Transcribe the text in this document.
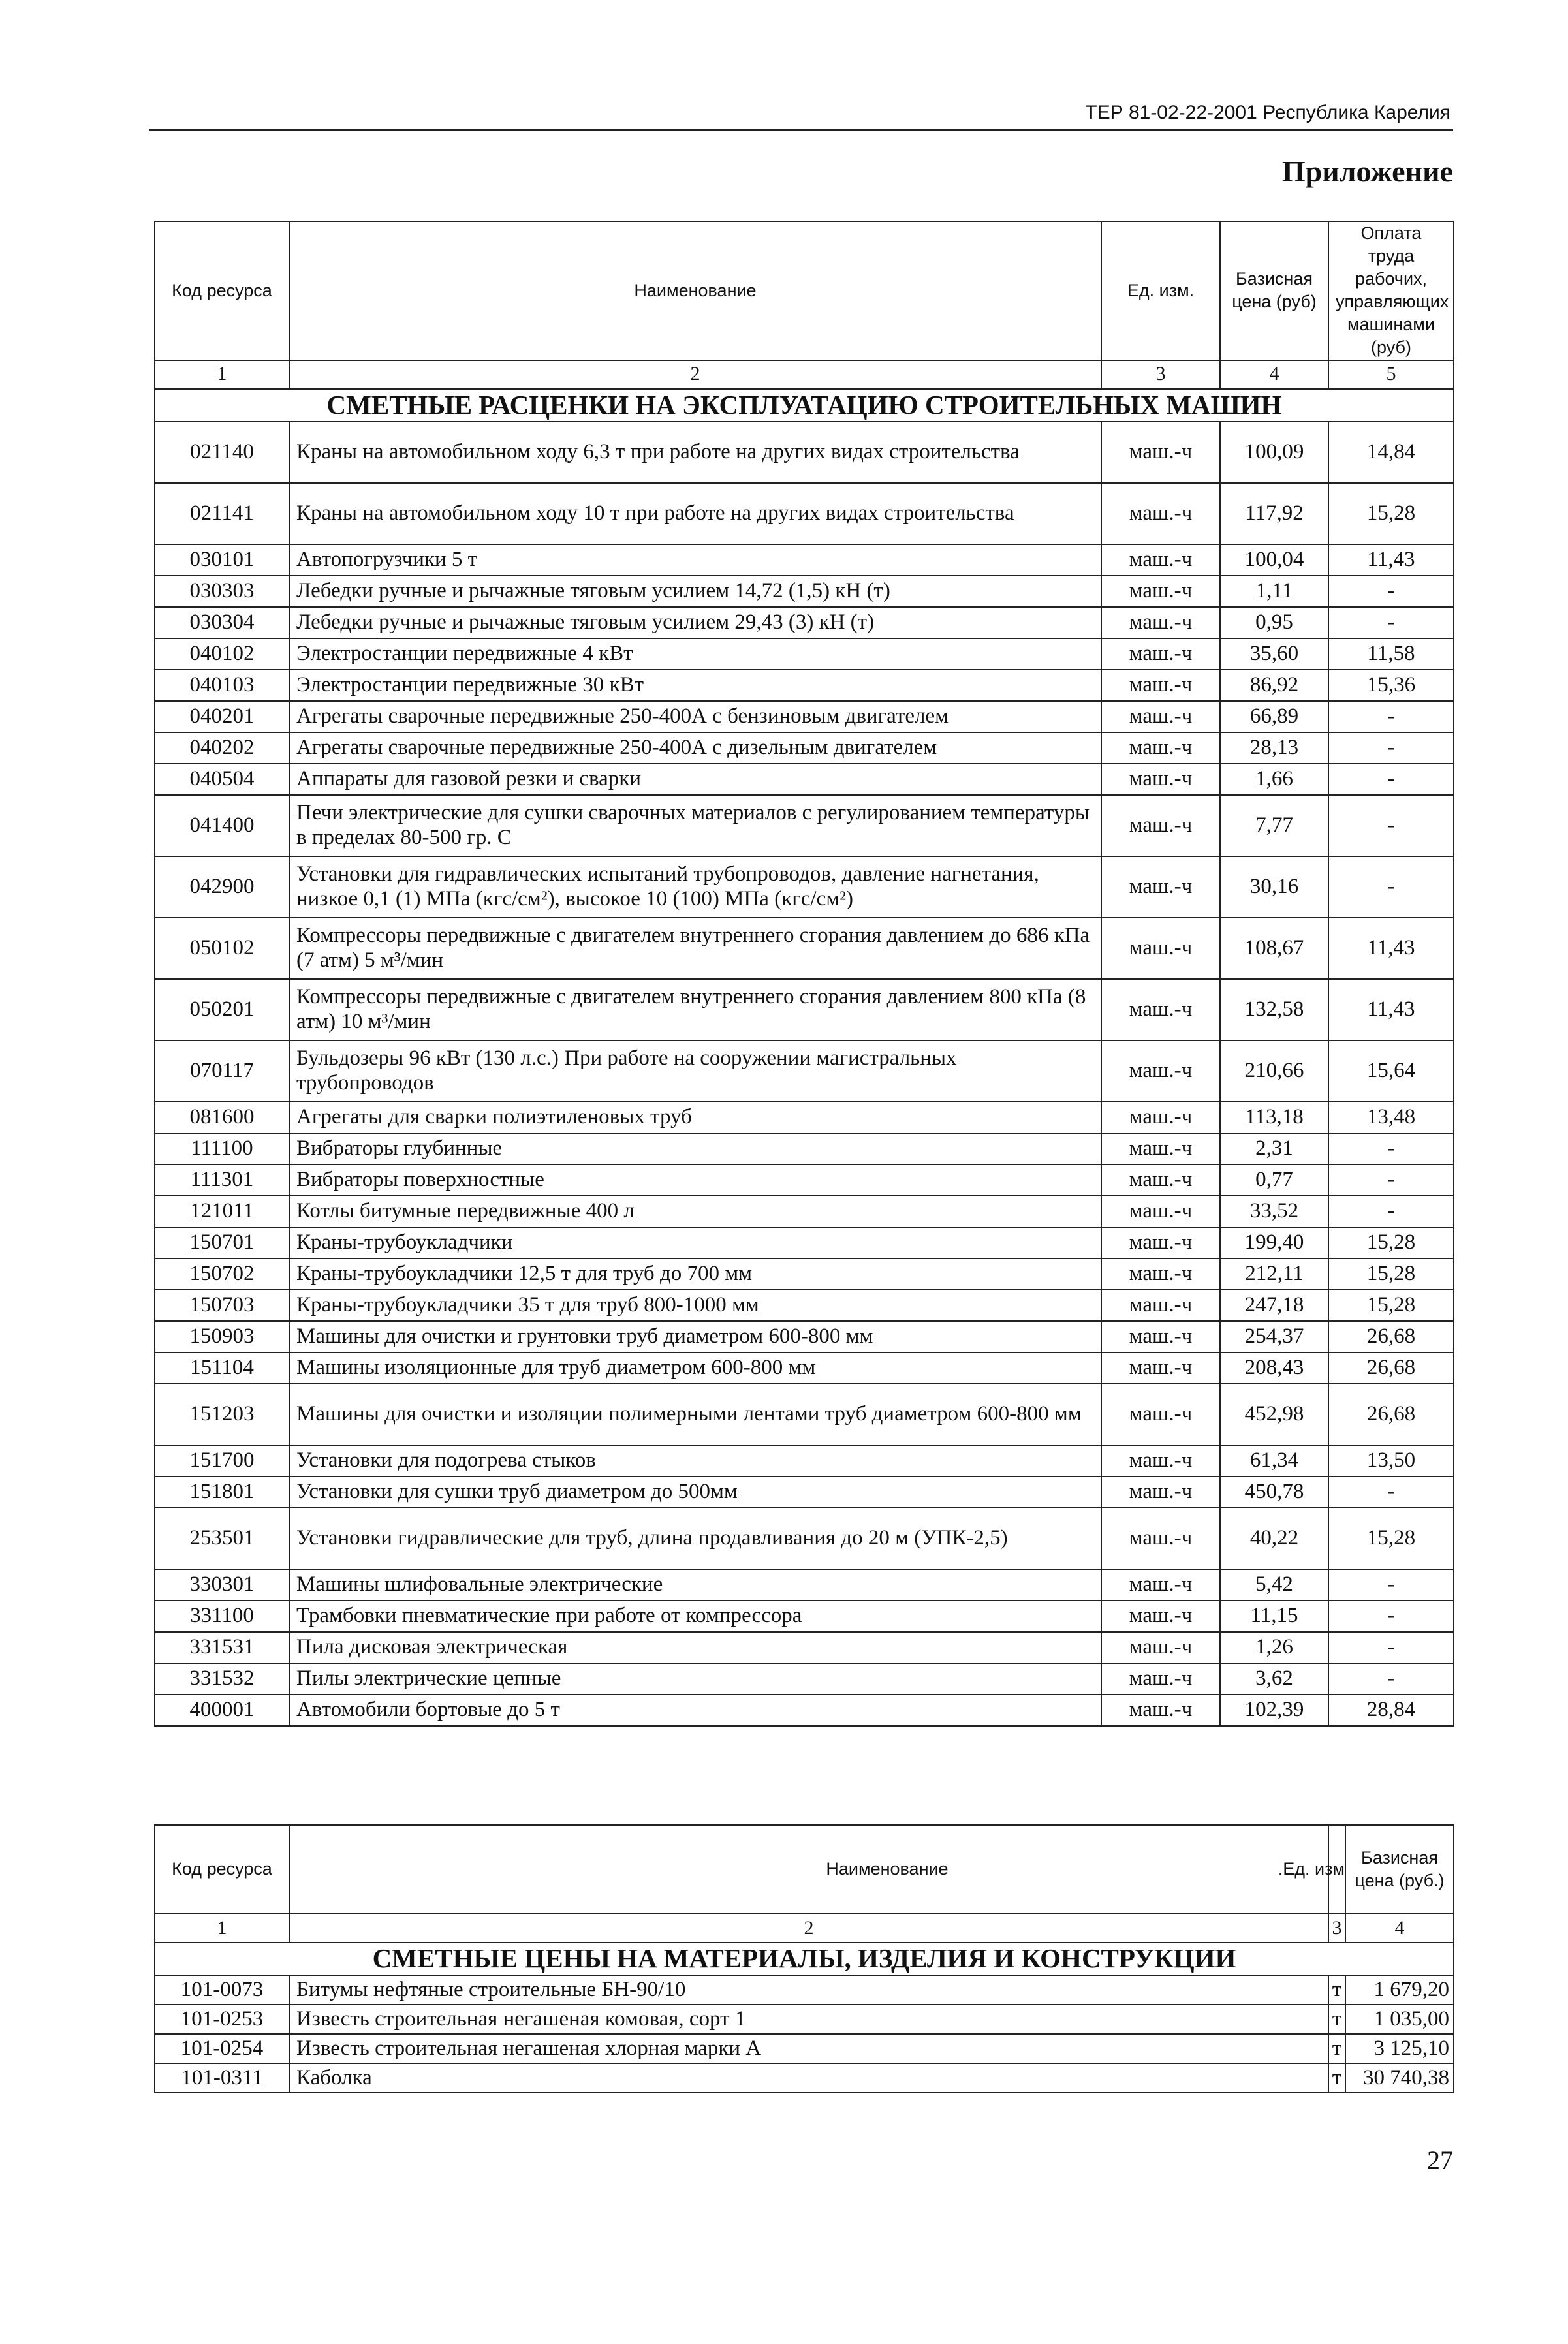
ТЕР 81-02-22-2001 Республика Карелия
Приложение
Код ресурса	Наименование	Ед. изм.	Базисная цена (руб)	Оплата труда рабочих, управляющих машинами (руб)
1	2	3	4	5
СМЕТНЫЕ РАСЦЕНКИ НА ЭКСПЛУАТАЦИЮ СТРОИТЕЛЬНЫХ МАШИН				
021140	Краны на автомобильном ходу 6,3 т при работе на других видах строительства	маш.-ч	100,09	14,84
021141	Краны на автомобильном ходу 10 т при работе на других видах строительства	маш.-ч	117,92	15,28
030101	Автопогрузчики 5 т	маш.-ч	100,04	11,43
030303	Лебедки ручные и рычажные тяговым усилием 14,72 (1,5) кН (т)	маш.-ч	1,11	-
030304	Лебедки ручные и рычажные тяговым усилием 29,43 (3) кН (т)	маш.-ч	0,95	-
040102	Электростанции передвижные 4 кВт	маш.-ч	35,60	11,58
040103	Электростанции передвижные 30 кВт	маш.-ч	86,92	15,36
040201	Агрегаты сварочные передвижные 250-400А с бензиновым двигателем	маш.-ч	66,89	-
040202	Агрегаты сварочные передвижные 250-400А с дизельным двигателем	маш.-ч	28,13	-
040504	Аппараты для газовой резки и сварки	маш.-ч	1,66	-
041400	Печи электрические для сушки сварочных материалов с регулированием температуры в пределах 80-500 гр. С	маш.-ч	7,77	-
042900	Установки для гидравлических испытаний трубопроводов, давление нагнетания, низкое 0,1 (1) МПа (кгс/см²), высокое 10 (100) МПа (кгс/см²)	маш.-ч	30,16	-
050102	Компрессоры передвижные с двигателем внутреннего сгорания давлением до 686 кПа (7 атм) 5 м³/мин	маш.-ч	108,67	11,43
050201	Компрессоры передвижные с двигателем внутреннего сгорания давлением 800 кПа (8 атм) 10 м³/мин	маш.-ч	132,58	11,43
070117	Бульдозеры 96 кВт (130 л.с.) При работе на сооружении магистральных трубопроводов	маш.-ч	210,66	15,64
081600	Агрегаты для сварки полиэтиленовых труб	маш.-ч	113,18	13,48
111100	Вибраторы глубинные	маш.-ч	2,31	-
111301	Вибраторы поверхностные	маш.-ч	0,77	-
121011	Котлы битумные передвижные 400 л	маш.-ч	33,52	-
150701	Краны-трубоукладчики	маш.-ч	199,40	15,28
150702	Краны-трубоукладчики 12,5 т для труб до 700 мм	маш.-ч	212,11	15,28
150703	Краны-трубоукладчики 35 т для труб 800-1000 мм	маш.-ч	247,18	15,28
150903	Машины для очистки и грунтовки труб диаметром 600-800 мм	маш.-ч	254,37	26,68
151104	Машины изоляционные для труб диаметром 600-800 мм	маш.-ч	208,43	26,68
151203	Машины для очистки и изоляции полимерными лентами труб диаметром 600-800 мм	маш.-ч	452,98	26,68
151700	Установки для подогрева стыков	маш.-ч	61,34	13,50
151801	Установки для сушки труб диаметром до 500мм	маш.-ч	450,78	-
253501	Установки гидравлические для труб, длина продавливания до 20 м (УПК-2,5)	маш.-ч	40,22	15,28
330301	Машины шлифовальные электрические	маш.-ч	5,42	-
331100	Трамбовки пневматические при работе от компрессора	маш.-ч	11,15	-
331531	Пила дисковая электрическая	маш.-ч	1,26	-
331532	Пилы электрические цепные	маш.-ч	3,62	-
400001	Автомобили бортовые до 5 т	маш.-ч	102,39	28,84
Код ресурса	Наименование	Ед. изм.	Базисная цена (руб.)
1	2	3	4
СМЕТНЫЕ ЦЕНЫ НА МАТЕРИАЛЫ, ИЗДЕЛИЯ И КОНСТРУКЦИИ			
101-0073	Битумы нефтяные строительные БН-90/10	т	1 679,20
101-0253	Известь строительная негашеная комовая, сорт 1	т	1 035,00
101-0254	Известь строительная негашеная хлорная марки А	т	3 125,10
101-0311	Каболка	т	30 740,38
27
